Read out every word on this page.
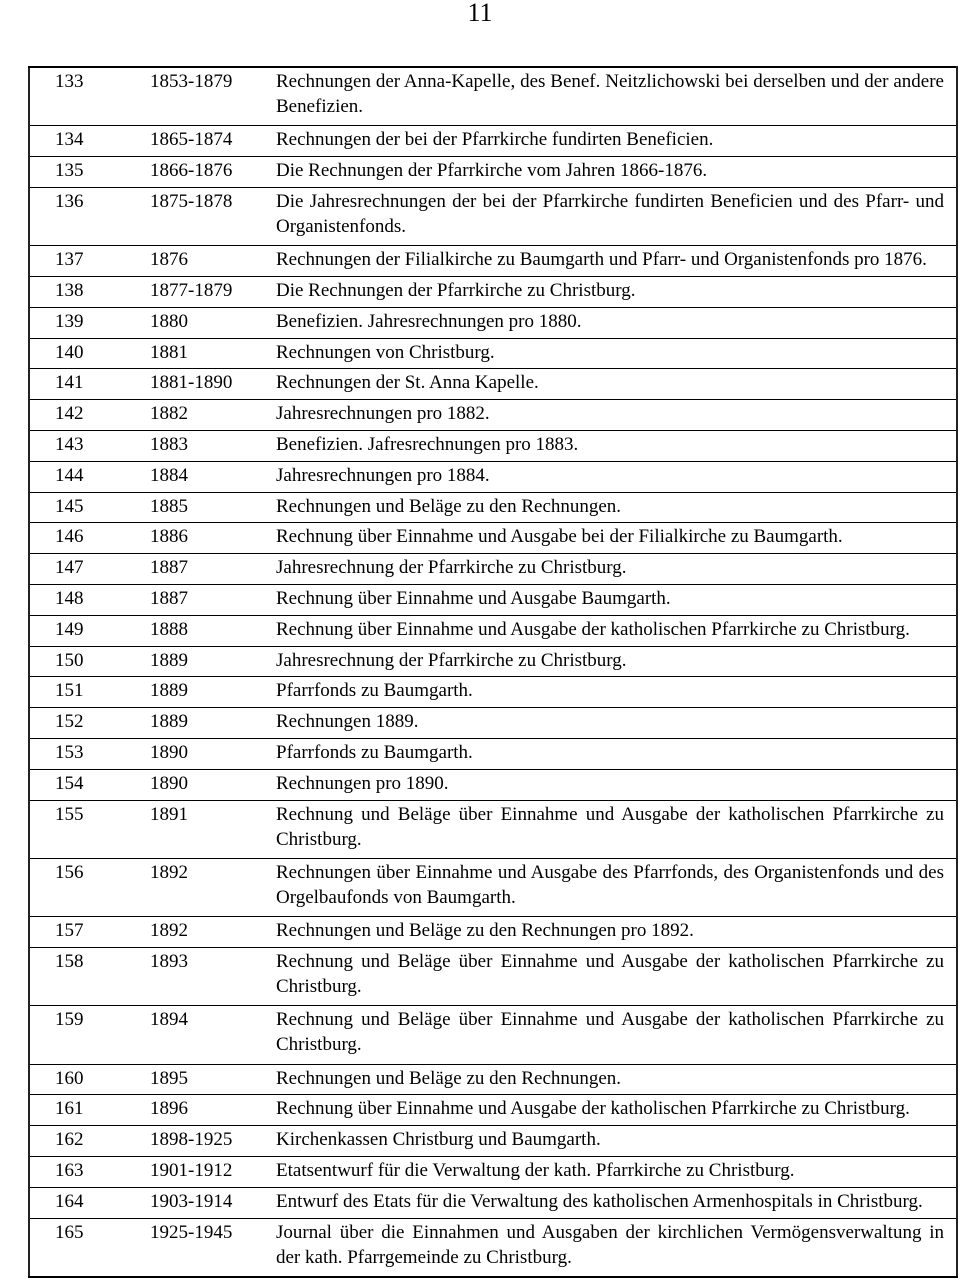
11
133	1853-1879	Rechnungen der Anna-Kapelle, des Benef. Neitzlichowski bei derselben und der andere Benefizien.
134	1865-1874	Rechnungen der bei der Pfarrkirche fundirten Beneficien.
135	1866-1876	Die Rechnungen der Pfarrkirche vom Jahren 1866-1876.
136	1875-1878	Die Jahresrechnungen der bei der Pfarrkirche fundirten Beneficien und des Pfarr- und Organistenfonds.
137	1876	Rechnungen der Filialkirche zu Baumgarth und Pfarr- und Organistenfonds pro 1876.
138	1877-1879	Die Rechnungen der Pfarrkirche zu Christburg.
139	1880	Benefizien. Jahresrechnungen pro 1880.
140	1881	Rechnungen von Christburg.
141	1881-1890	Rechnungen der St. Anna Kapelle.
142	1882	Jahresrechnungen pro 1882.
143	1883	Benefizien. Jafresrechnungen pro 1883.
144	1884	Jahresrechnungen pro 1884.
145	1885	Rechnungen und Beläge zu den Rechnungen.
146	1886	Rechnung über Einnahme und Ausgabe bei der Filialkirche zu Baumgarth.
147	1887	Jahresrechnung der Pfarrkirche zu Christburg.
148	1887	Rechnung über Einnahme und Ausgabe Baumgarth.
149	1888	Rechnung über Einnahme und Ausgabe der katholischen Pfarrkirche zu Christburg.
150	1889	Jahresrechnung der Pfarrkirche zu Christburg.
151	1889	Pfarrfonds zu Baumgarth.
152	1889	Rechnungen 1889.
153	1890	Pfarrfonds zu Baumgarth.
154	1890	Rechnungen pro 1890.
155	1891	Rechnung und Beläge über Einnahme und Ausgabe der katholischen Pfarrkirche zu Christburg.
156	1892	Rechnungen über Einnahme und Ausgabe des Pfarrfonds, des Organistenfonds und des Orgelbaufonds von Baumgarth.
157	1892	Rechnungen und Beläge zu den Rechnungen pro 1892.
158	1893	Rechnung und Beläge über Einnahme und Ausgabe der katholischen Pfarrkirche zu Christburg.
159	1894	Rechnung und Beläge über Einnahme und Ausgabe der katholischen Pfarrkirche zu Christburg.
160	1895	Rechnungen und Beläge zu den Rechnungen.
161	1896	Rechnung über Einnahme und Ausgabe der katholischen Pfarrkirche zu Christburg.
162	1898-1925	Kirchenkassen Christburg und Baumgarth.
163	1901-1912	Etatsentwurf für die Verwaltung der kath. Pfarrkirche zu Christburg.
164	1903-1914	Entwurf des Etats für die Verwaltung des katholischen Armenhospitals in Christburg.
165	1925-1945	Journal über die Einnahmen und Ausgaben der kirchlichen Vermögensverwaltung in der kath. Pfarrgemeinde zu Christburg.
